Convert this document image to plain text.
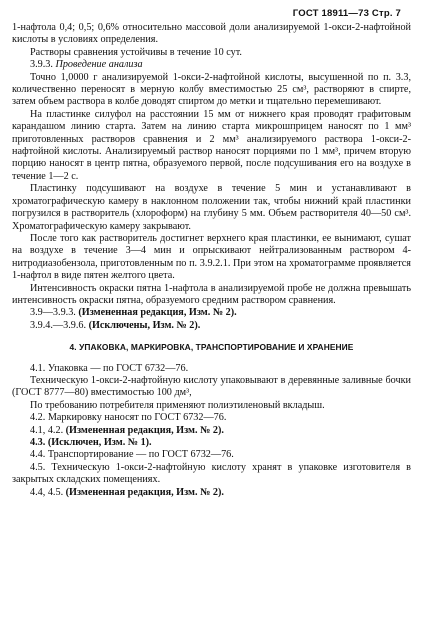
ГОСТ 18911—73 Стр. 7

1-нафтола 0,4; 0,5; 0,6% относительно массовой доли анализируемой 1-окси-2-нафтойной кислоты в условиях определения.

Растворы сравнения устойчивы в течение 10 сут.

3.9.3. Проведение анализа

Точно 1,0000 г анализируемой 1-окси-2-нафтойной кислоты, высушенной по п. 3.3, количественно переносят в мерную колбу вместимостью 25 см³, растворяют в спирте, затем объем раствора в колбе доводят спиртом до метки и тщательно перемешивают.

На пластинке силуфол на расстоянии 15 мм от нижнего края проводят графитовым карандашом линию старта. Затем на линию старта микрошприцем наносят по 1 мм³ приготовленных растворов сравнения и 2 мм³ анализируемого раствора 1-окси-2-нафтойной кислоты. Анализируемый раствор наносят порциями по 1 мм³, причем вторую порцию наносят в центр пятна, образуемого первой, после подсушивания его на воздухе в течение 1—2 с.

Пластинку подсушивают на воздухе в течение 5 мин и устанавливают в хроматографическую камеру в наклонном положении так, чтобы нижний край пластинки погрузился в растворитель (хлороформ) на глубину 5 мм. Объем растворителя 40—50 см³. Хроматографическую камеру закрывают.

После того как растворитель достигнет верхнего края пластинки, ее вынимают, сушат на воздухе в течение 3—4 мин и опрыскивают нейтрализованным раствором 4-нитродиазобензола, приготовленным по п. 3.9.2.1. При этом на хроматограмме проявляется 1-нафтол в виде пятен желтого цвета.

Интенсивность окраски пятна 1-нафтола в анализируемой пробе не должна превышать интенсивность окраски пятна, образуемого средним раствором сравнения.

3.9—3.9.3. (Измененная редакция, Изм. № 2).

3.9.4.—3.9.6. (Исключены, Изм. № 2).

4. УПАКОВКА, МАРКИРОВКА, ТРАНСПОРТИРОВАНИЕ И ХРАНЕНИЕ

4.1. Упаковка — по ГОСТ 6732—76.

Техническую 1-окси-2-нафтойную кислоту упаковывают в деревянные заливные бочки (ГОСТ 8777—80) вместимостью 100 дм³,

По требованию потребителя применяют полиэтиленовый вкладыш.

4.2. Маркировку наносят по ГОСТ 6732—76.

4.1, 4.2. (Измененная редакция, Изм. № 2).

4.3. (Исключен, Изм. № 1).

4.4. Транспортирование — по ГОСТ 6732—76.

4.5. Техническую 1-окси-2-нафтойную кислоту хранят в упаковке изготовителя в закрытых складских помещениях.

4.4, 4.5. (Измененная редакция, Изм. № 2).
